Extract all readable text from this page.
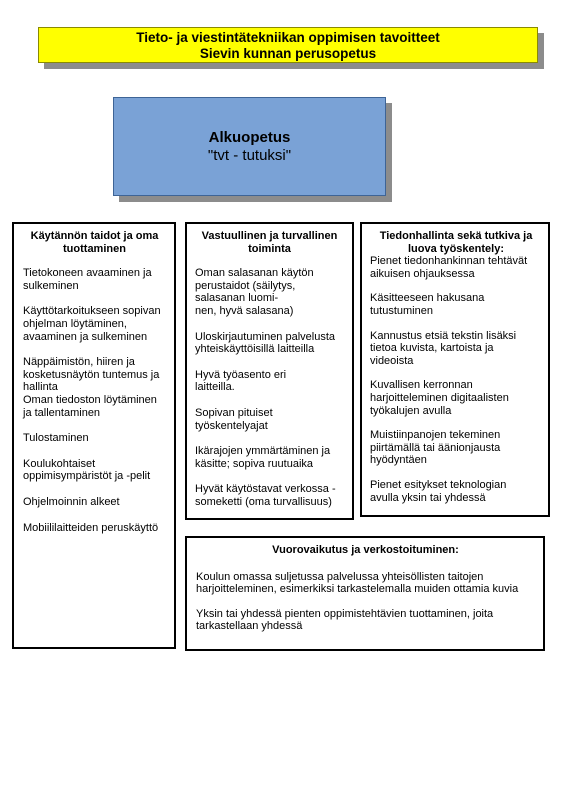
Tieto- ja viestintätekniikan oppimisen tavoitteet
Sievin kunnan perusopetus
Alkuopetus
"tvt - tutuksi"
Käytännön taidot ja oma
tuottaminen
Tietokoneen avaaminen ja
sulkeminen
Käyttötarkoitukseen sopivan
ohjelman löytäminen,
avaaminen ja sulkeminen
Näppäimistön, hiiren ja
kosketusnäytön tuntemus ja
hallinta
Oman tiedoston löytäminen
ja tallentaminen
Tulostaminen
Koulukohtaiset
oppimisympäristöt ja -pelit
Ohjelmoinnin alkeet
Mobiililaitteiden peruskäyttö
Vastuullinen ja turvallinen
toiminta
Oman salasanan käytön
perustaidot (säilytys,
salasanan luomi-
nen, hyvä salasana)
Uloskirjautuminen palvelusta
yhteiskäyttöisillä laitteilla
Hyvä työasento eri
laitteilla.
Sopivan pituiset
työskentelyajat
Ikärajojen ymmärtäminen ja
käsitte; sopiva ruutuaika
Hyvät käytöstavat verkossa -
someketti (oma turvallisuus)
Tiedonhallinta sekä tutkiva ja
luova työskentely:
Pienet tiedonhankinnan tehtävät
aikuisen ohjauksessa
Käsitteeseen hakusana
tutustuminen
Kannustus etsiä tekstin lisäksi
tietoa kuvista, kartoista ja
videoista
Kuvallisen kerronnan
harjoitteleminen digitaalisten
työkalujen avulla
Muistiinpanojen tekeminen
piirtämällä tai äänionjausta
hyödyntäen
Pienet esitykset teknologian
avulla yksin tai yhdessä
Vuorovaikutus ja verkostoituminen:
Koulun omassa suljetussa palvelussa yhteisöllisten taitojen
harjoitteleminen, esimerkiksi tarkastelemalla muiden ottamia kuvia
Yksin tai yhdessä pienten oppimistehtävien tuottaminen, joita
tarkastellaan yhdessä
